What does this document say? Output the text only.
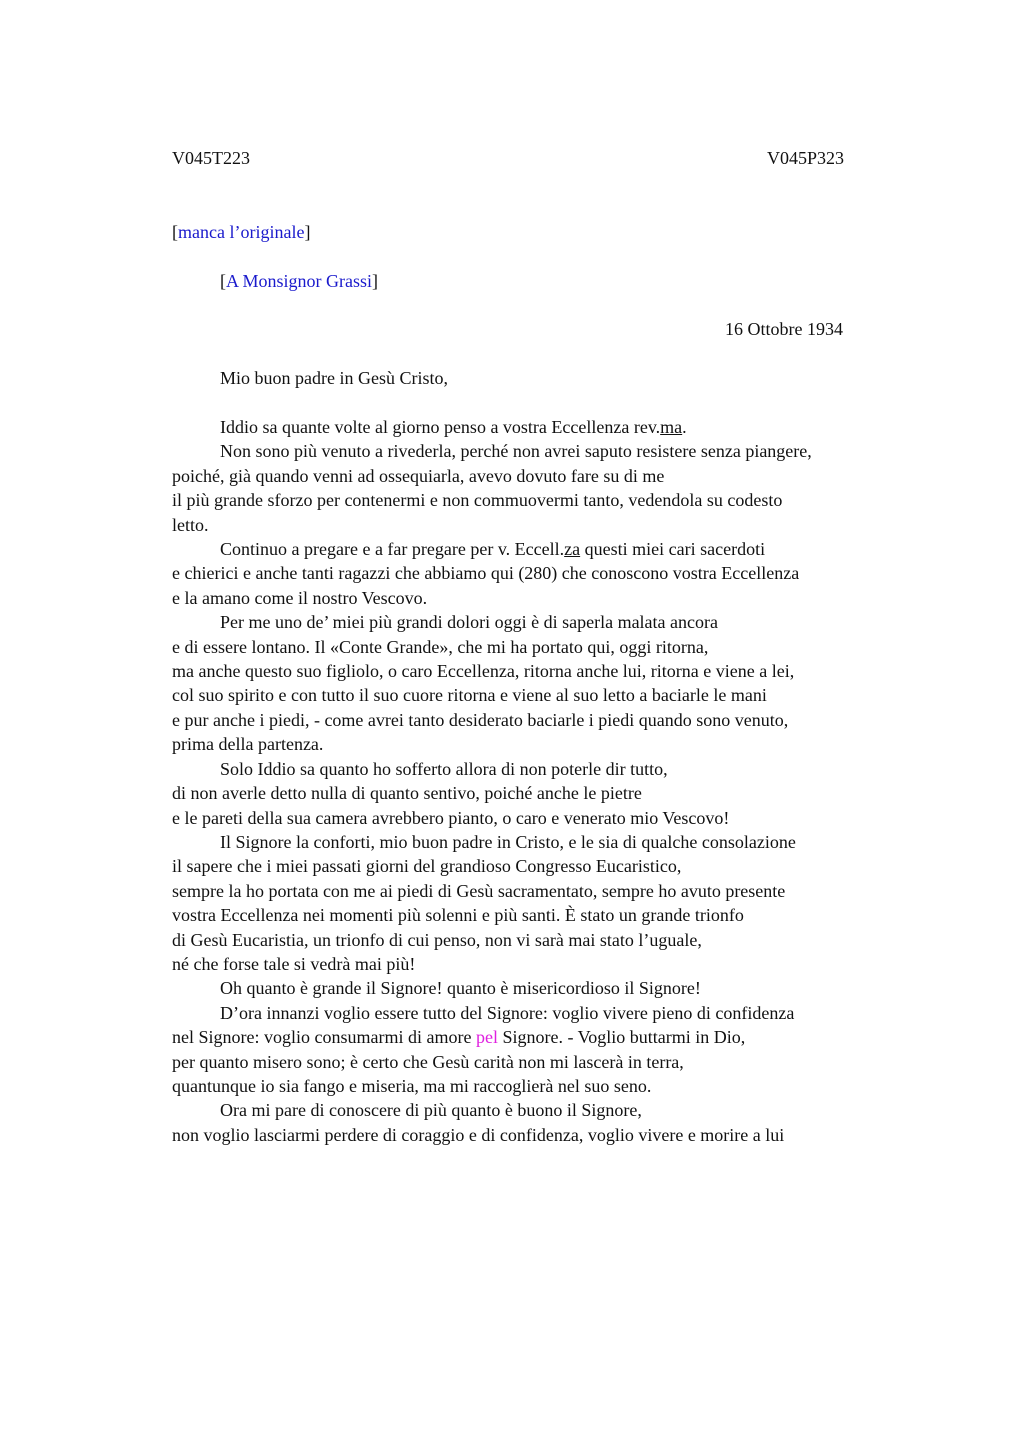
V045T223	V045P323
[manca l’originale]
[A Monsignor Grassi]
16 Ottobre 1934
Mio buon padre in Gesù Cristo,
Iddio sa quante volte al giorno penso a vostra Eccellenza rev.ma.
Non sono più venuto a rivederla, perché non avrei saputo resistere senza piangere,
poiché, già quando venni ad ossequiarla, avevo dovuto fare su di me
il più grande sforzo per contenermi e non commuovermi tanto, vedendola su codesto
letto.
Continuo a pregare e a far pregare per v. Eccell.za questi miei cari sacerdoti
e chierici e anche tanti ragazzi che abbiamo qui (280) che conoscono vostra Eccellenza
e la amano come il nostro Vescovo.
Per me uno de’ miei più grandi dolori oggi è di saperla malata ancora
e di essere lontano. Il «Conte Grande», che mi ha portato qui, oggi ritorna,
ma anche questo suo figliolo, o caro Eccellenza, ritorna anche lui, ritorna e viene a lei,
col suo spirito e con tutto il suo cuore ritorna e viene al suo letto a baciarle le mani
e pur anche i piedi, - come avrei tanto desiderato baciarle i piedi quando sono venuto,
prima della partenza.
Solo Iddio sa quanto ho sofferto allora di non poterle dir tutto,
di non averle detto nulla di quanto sentivo, poiché anche le pietre
e le pareti della sua camera avrebbero pianto, o caro e venerato mio Vescovo!
Il Signore la conforti, mio buon padre in Cristo, e le sia di qualche consolazione
il sapere che i miei passati giorni del grandioso Congresso Eucaristico,
sempre la ho portata con me ai piedi di Gesù sacramentato, sempre ho avuto presente
vostra Eccellenza nei momenti più solenni e più santi. È stato un grande trionfo
di Gesù Eucaristia, un trionfo di cui penso, non vi sarà mai stato l’uguale,
né che forse tale si vedrà mai più!
Oh quanto è grande il Signore! quanto è misericordioso il Signore!
D’ora innanzi voglio essere tutto del Signore: voglio vivere pieno di confidenza
nel Signore: voglio consumarmi di amore pel Signore. - Voglio buttarmi in Dio,
per quanto misero sono; è certo che Gesù carità non mi lascerà in terra,
quantunque io sia fango e miseria, ma mi raccoglierà nel suo seno.
Ora mi pare di conoscere di più quanto è buono il Signore,
non voglio lasciarmi perdere di coraggio e di confidenza, voglio vivere e morire a lui
